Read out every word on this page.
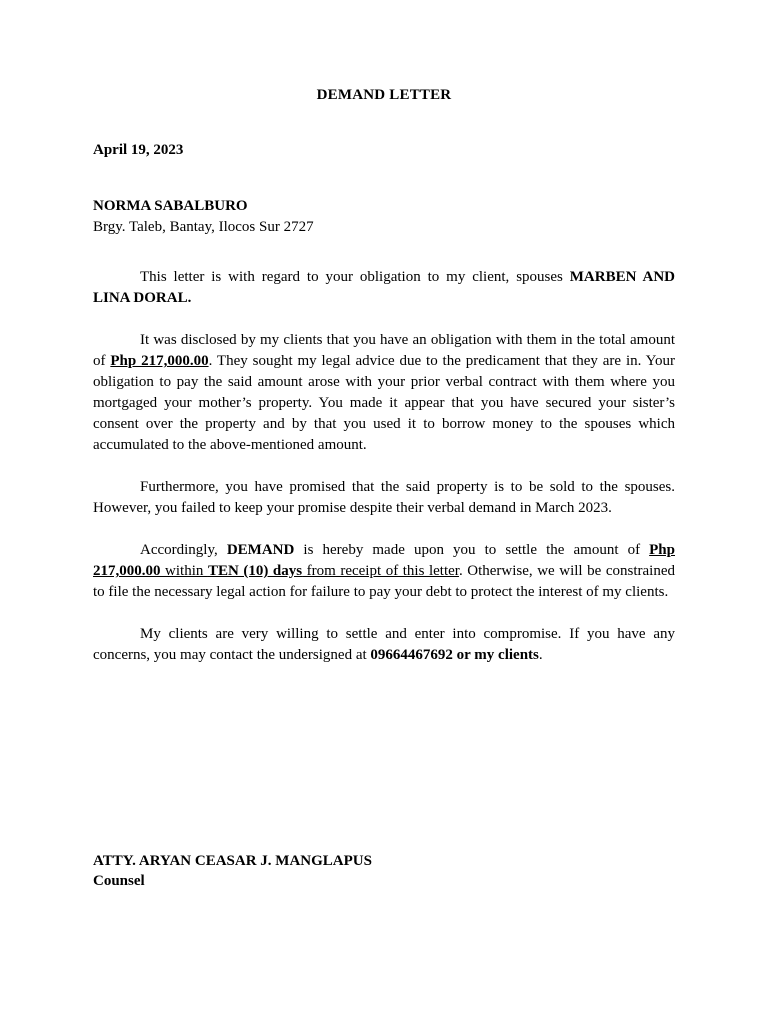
DEMAND LETTER
April 19, 2023
NORMA SABALBURO
Brgy. Taleb, Bantay, Ilocos Sur 2727

This letter is with regard to your obligation to my client, spouses MARBEN AND LINA DORAL.

It was disclosed by my clients that you have an obligation with them in the total amount of Php 217,000.00. They sought my legal advice due to the predicament that they are in. Your obligation to pay the said amount arose with your prior verbal contract with them where you mortgaged your mother’s property. You made it appear that you have secured your sister’s consent over the property and by that you used it to borrow money to the spouses which accumulated to the above-mentioned amount.

Furthermore, you have promised that the said property is to be sold to the spouses. However, you failed to keep your promise despite their verbal demand in March 2023.

Accordingly, DEMAND is hereby made upon you to settle the amount of Php 217,000.00 within TEN (10) days from receipt of this letter. Otherwise, we will be constrained to file the necessary legal action for failure to pay your debt to protect the interest of my clients.

My clients are very willing to settle and enter into compromise. If you have any concerns, you may contact the undersigned at 09664467692 or my clients.

ATTY. ARYAN CEASAR J. MANGLAPUS
Counsel
